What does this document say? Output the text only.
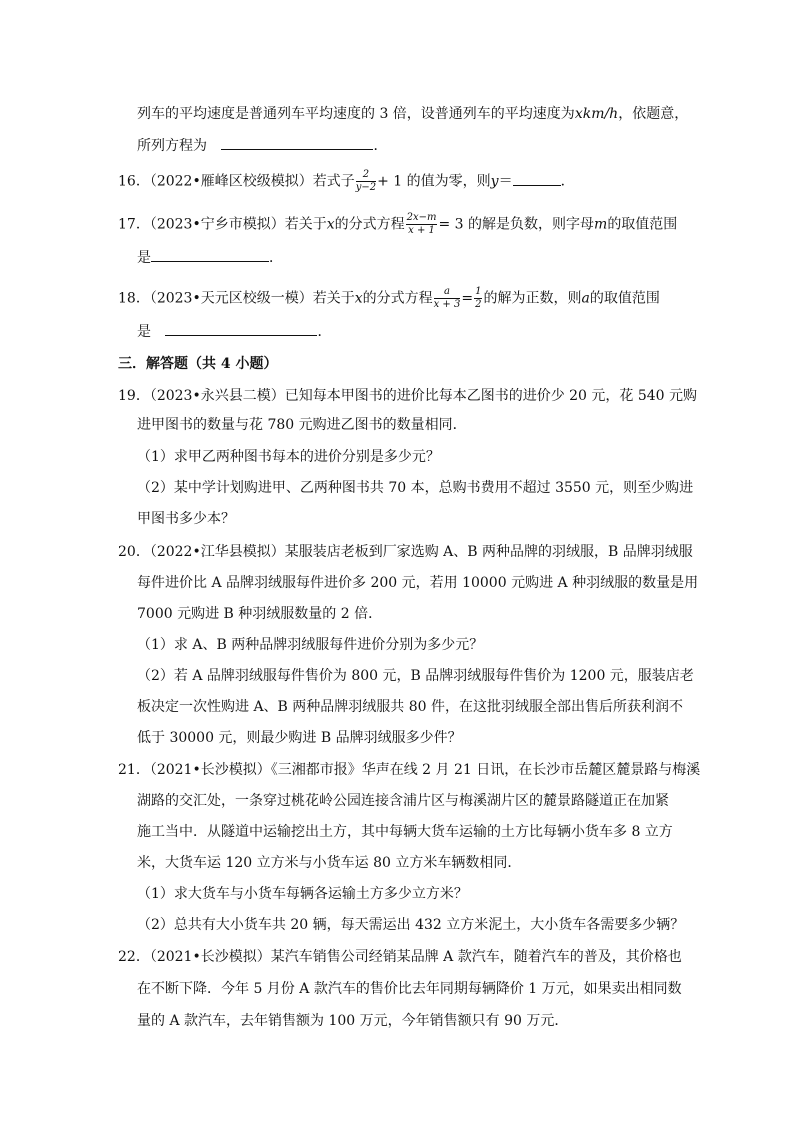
列车的平均速度是普通列车平均速度的 3 倍，设普通列车的平均速度为xkm/h，依题意，
所列方程为	．
16．（2022•雁峰区校级模拟）若式子 $\frac{2}{y-2} + 1$ 的值为零，则y＝	．
17．（2023•宁乡市模拟）若关于x的分式方程 $\frac{2x-m}{x + 1} = 3$ 的解是负数，则字母m的取值范围
是	．
18．（2023•天元区校级一模）若关于x的分式方程 $\frac{a}{x + 3} = \frac{1}{2}$ 的解为正数，则a的取值范围
是	．
三．解答题（共 4 小题）
19．（2023•永兴县二模）已知每本甲图书的进价比每本乙图书的进价少 20 元，花 540 元购
进甲图书的数量与花 780 元购进乙图书的数量相同．
（1）求甲乙两种图书每本的进价分别是多少元？
（2）某中学计划购进甲、乙两种图书共 70 本，总购书费用不超过 3550 元，则至少购进
甲图书多少本？
20．（2022•江华县模拟）某服装店老板到厂家选购 A、B 两种品牌的羽绒服，B 品牌羽绒服
每件进价比 A 品牌羽绒服每件进价多 200 元，若用 10000 元购进 A 种羽绒服的数量是用
7000 元购进 B 种羽绒服数量的 2 倍．
（1）求 A、B 两种品牌羽绒服每件进价分别为多少元？
（2）若 A 品牌羽绒服每件售价为 800 元，B 品牌羽绒服每件售价为 1200 元，服装店老
板决定一次性购进 A、B 两种品牌羽绒服共 80 件，在这批羽绒服全部出售后所获利润不
低于 30000 元，则最少购进 B 品牌羽绒服多少件？
21．（2021•长沙模拟）《三湘都市报》华声在线 2 月 21 日讯，在长沙市岳麓区麓景路与梅溪
湖路的交汇处，一条穿过桃花岭公园连接含浦片区与梅溪湖片区的麓景路隧道正在加紧
施工当中．从隧道中运输挖出土方，其中每辆大货车运输的土方比每辆小货车多 8 立方
米，大货车运 120 立方米与小货车运 80 立方米车辆数相同．
（1）求大货车与小货车每辆各运输土方多少立方米？
（2）总共有大小货车共 20 辆，每天需运出 432 立方米泥土，大小货车各需要多少辆？
22．（2021•长沙模拟）某汽车销售公司经销某品牌 A 款汽车，随着汽车的普及，其价格也
在不断下降．今年 5 月份 A 款汽车的售价比去年同期每辆降价 1 万元，如果卖出相同数
量的 A 款汽车，去年销售额为 100 万元，今年销售额只有 90 万元．
